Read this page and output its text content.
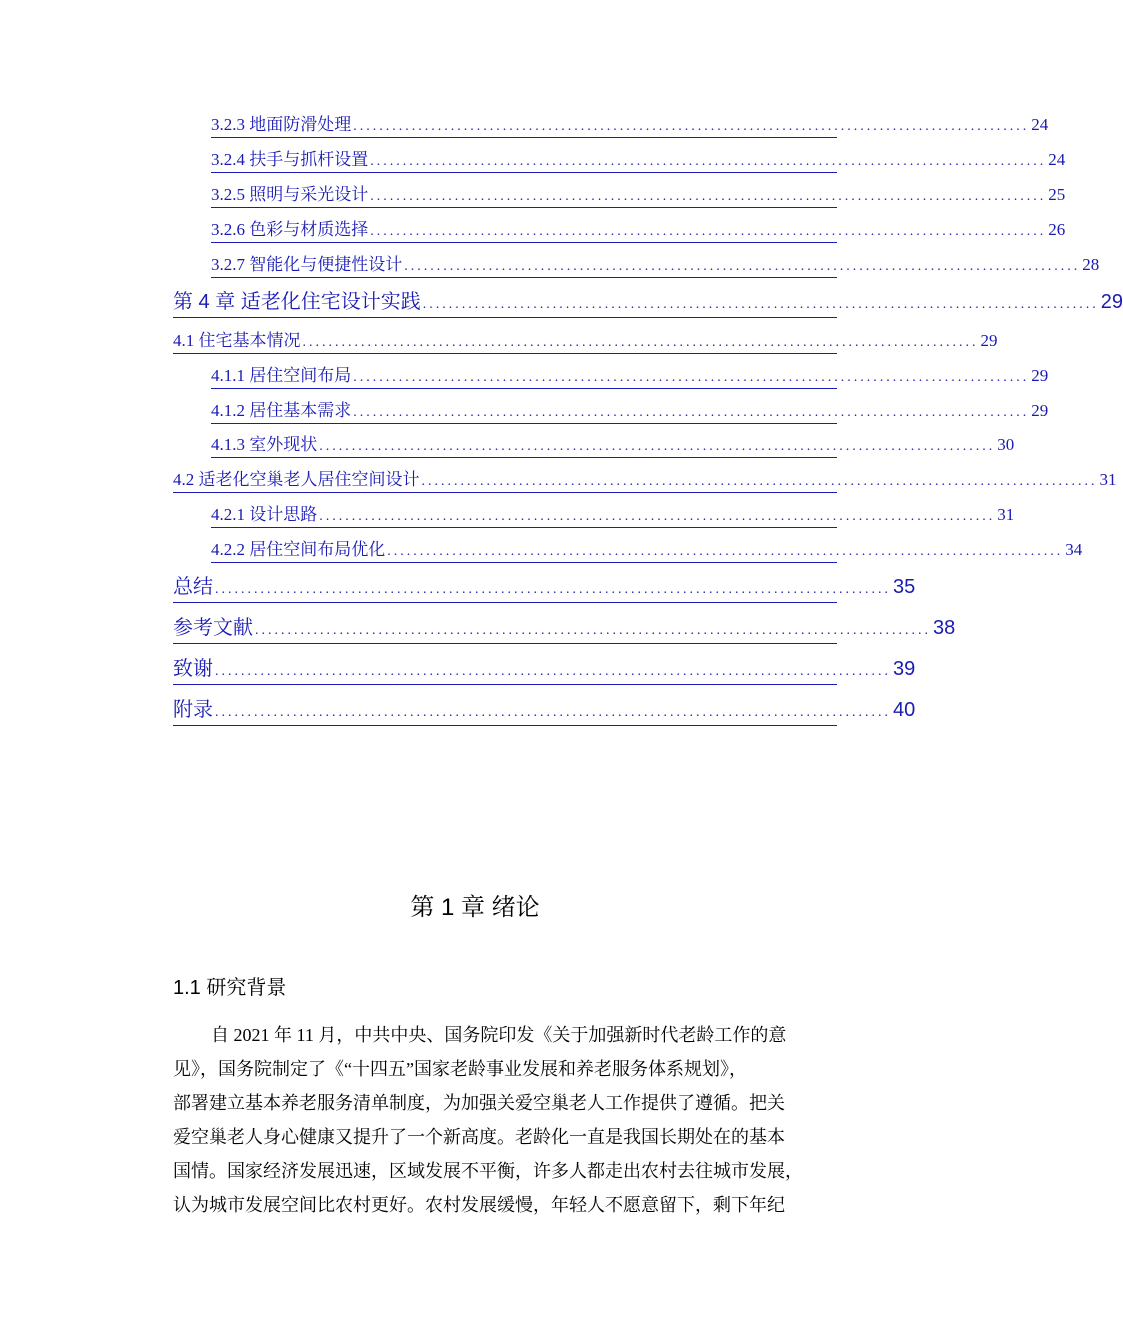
3.2.3 地面防滑处理 ........................................................................................................ 24
3.2.4 扶手与抓杆设置 ........................................................................................................ 24
3.2.5 照明与采光设计 ........................................................................................................ 25
3.2.6 色彩与材质选择 ........................................................................................................ 26
3.2.7 智能化与便捷性设计 ........................................................................................................ 28
第 4 章 适老化住宅设计实践 ........................................................................................................ 29
4.1 住宅基本情况 ........................................................................................................ 29
4.1.1 居住空间布局 ........................................................................................................ 29
4.1.2 居住基本需求 ........................................................................................................ 29
4.1.3 室外现状 ........................................................................................................ 30
4.2 适老化空巢老人居住空间设计 ........................................................................................................ 31
4.2.1 设计思路 ........................................................................................................ 31
4.2.2 居住空间布局优化 ........................................................................................................ 34
总结 ........................................................................................................ 35
参考文献 ........................................................................................................ 38
致谢 ........................................................................................................ 39
附录 ........................................................................................................ 40
第 1 章 绪论
1.1 研究背景
自 2021 年 11 月，中共中央、国务院印发《关于加强新时代老龄工作的意
见》，国务院制定了《“十四五”国家老龄事业发展和养老服务体系规划》，
部署建立基本养老服务清单制度，为加强关爱空巢老人工作提供了遵循。把关
爱空巢老人身心健康又提升了一个新高度。老龄化一直是我国长期处在的基本
国情。国家经济发展迅速，区域发展不平衡，许多人都走出农村去往城市发展，
认为城市发展空间比农村更好。农村发展缓慢，年轻人不愿意留下，剩下年纪
